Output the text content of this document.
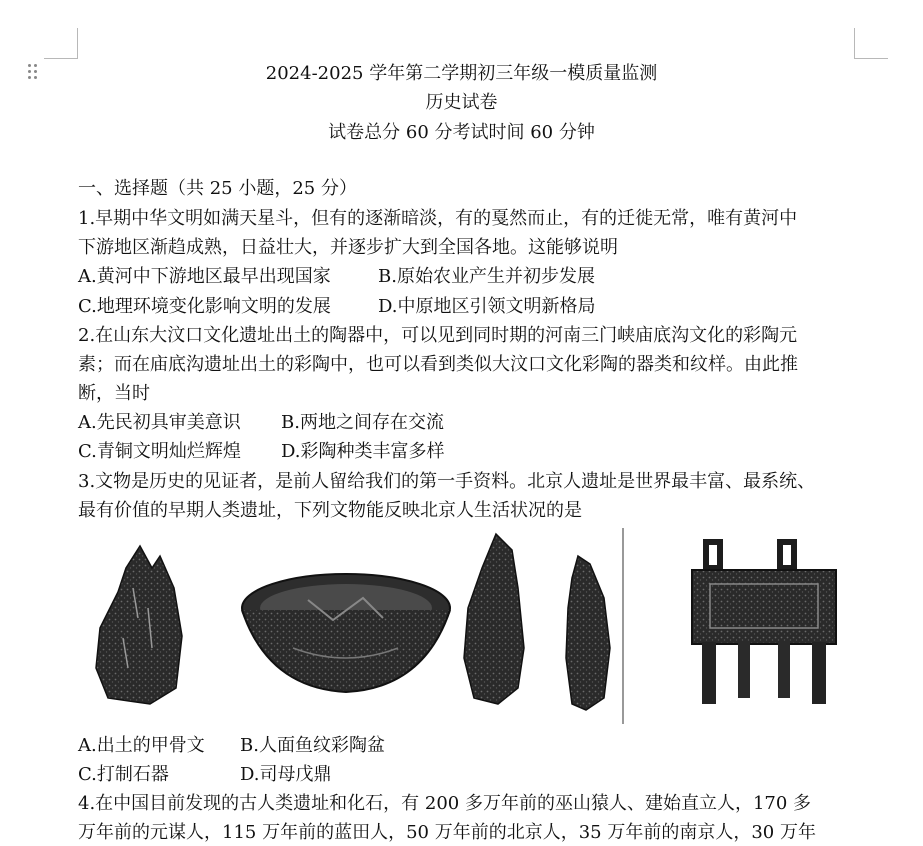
2024-2025 学年第二学期初三年级一模质量监测
历史试卷
试卷总分 60 分考试时间 60 分钟
一、选择题（共 25 小题，25 分）
1.早期中华文明如满天星斗，但有的逐渐暗淡，有的戛然而止，有的迁徙无常，唯有黄河中
下游地区渐趋成熟，日益壮大，并逐步扩大到全国各地。这能够说明
A.黄河中下游地区最早出现国家	B.原始农业产生并初步发展
C.地理环境变化影响文明的发展	D.中原地区引领文明新格局
2.在山东大汶口文化遗址出土的陶器中，可以见到同时期的河南三门峡庙底沟文化的彩陶元
素；而在庙底沟遗址出土的彩陶中，也可以看到类似大汶口文化彩陶的器类和纹样。由此推
断，当时
A.先民初具审美意识 B.两地之间存在交流
C.青铜文明灿烂辉煌 D.彩陶种类丰富多样
3.文物是历史的见证者，是前人留给我们的第一手资料。北京人遗址是世界最丰富、最系统、
最有价值的早期人类遗址，下列文物能反映北京人生活状况的是
A.出土的甲骨文 B.人面鱼纹彩陶盆
C.打制石器	D.司母戊鼎
4.在中国目前发现的古人类遗址和化石，有 200 多万年前的巫山猿人、建始直立人，170 多
万年前的元谋人，115 万年前的蓝田人，50 万年前的北京人，35 万年前的南京人，30 万年
